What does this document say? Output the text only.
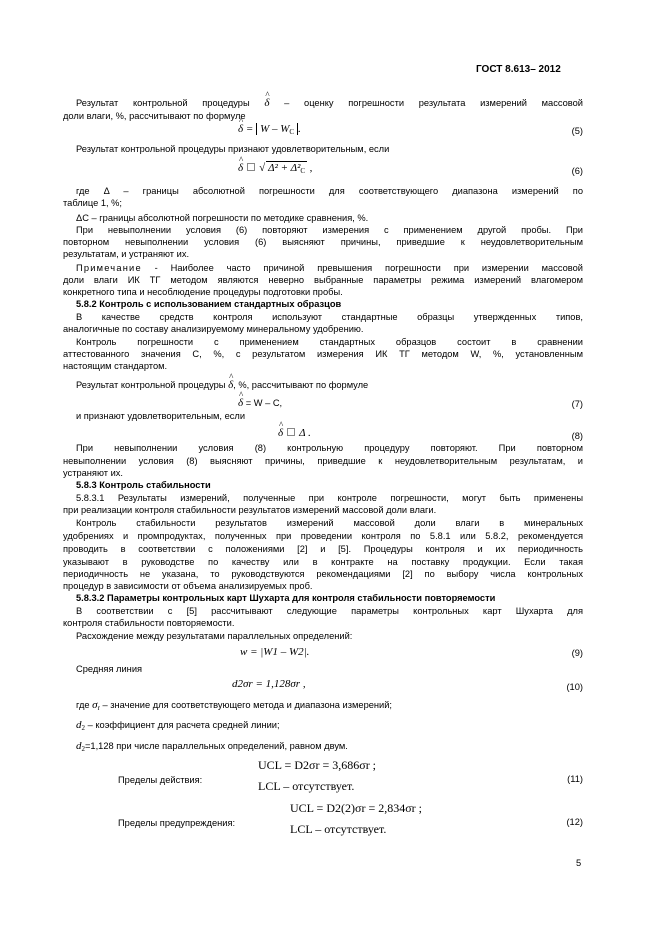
ГОСТ 8.613– 2012
Результат контрольной процедуры ^ δ – оценку погрешности результата измерений массовой
доли влаги, %, рассчитывают по формуле
^ $\delta = W - W_C$ .	(5)
Результат контрольной процедуры признают удовлетворительным, если
^ δ √ $\Delta^2 + \Delta^2_C$ ,	(6)
где Δ – границы абсолютной погрешности для соответствующего диапазона измерений по
таблице 1, %;
ΔC – границы абсолютной погрешности по методике сравнения, %.
При невыполнении условия (6) повторяют измерения с применением другой пробы. При
повторном невыполнении условия (6) выясняют причины, приведшие к неудовлетворительным
результатам, и устраняют их.
Примечание - Наиболее часто причиной превышения погрешности при измерении массовой
доли влаги ИК ТГ методом являются неверно выбранные параметры режима измерений влагомером
конкретного типа и несоблюдение процедуры подготовки пробы.
5.8.2 Контроль с использованием стандартных образцов
В качестве средств контроля используют стандартные образцы утвержденных типов,
аналогичные по составу анализируемому минеральному удобрению.
Контроль погрешности с применением стандартных образцов состоит в сравнении
аттестованного значения C, %, с результатом измерения ИК ТГ методом W, %, установленным
настоящим стандартом.
Результат контрольной процедуры ^ δ, %, рассчитывают по формуле
^ δ = W – C,	(7)
и признают удовлетворительным, если
^ δ Δ .	(8)
При невыполнении условия (8) контрольную процедуру повторяют. При повторном
невыполнении условия (8) выясняют причины, приведшие к неудовлетворительным результатам, и
устраняют их.
5.8.3 Контроль стабильности
5.8.3.1 Результаты измерений, полученные при контроле погрешности, могут быть применены
при реализации контроля стабильности результатов измерений массовой доли влаги.
Контроль стабильности результатов измерений массовой доли влаги в минеральных
удобрениях и промпродуктах, полученных при проведении контроля по 5.8.1 или 5.8.2, рекомендуется
проводить в соответствии с положениями [2] и [5]. Процедуры контроля и их периодичность
указывают в руководстве по качеству или в контракте на поставку продукции. Если такая
периодичность не указана, то руководствуются рекомендациями [2] по выбору числа контрольных
процедур в зависимости от объема анализируемых проб.
5.8.3.2 Параметры контрольных карт Шухарта для контроля стабильности повторяемости
В соответствии с [5] рассчитывают следующие параметры контрольных карт Шухарта для
контроля стабильности повторяемости.
Расхождение между результатами параллельных определений:
w = |W1 – W2|.	(9)
Средняя линия
d2σr = 1,128σr ,	(10)
где $\sigma_r$ – значение для соответствующего метода и диапазона измерений;
$d_2$ – коэффициент для расчета средней линии;
$d_2=1,128$ при числе параллельных определений, равном двум.
Пределы действия:
UCL = D2σr = 3,686σr ;
LCL – отсутствует.	(11)
Пределы предупреждения:
UCL = D2(2)σr = 2,834σr ;
LCL – отсутствует.	(12)
5
